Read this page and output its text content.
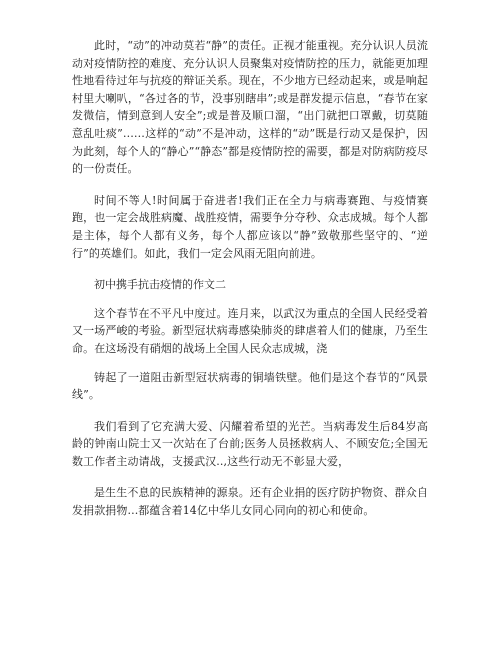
此时，“动”的冲动莫若“静”的责任。正视才能重视。充分认识人员流动对疫情防控的难度、充分认识人员聚集对疫情防控的压力，就能更加理性地看待过年与抗疫的辩证关系。现在，不少地方已经动起来，或是响起村里大喇叭，“各过各的节，没事别瞎串”;或是群发提示信息，“春节在家发微信，情到意到人安全”;或是普及顺口溜，“出门就把口罩戴，切莫随意乱吐痰”……这样的“动”不是冲动，这样的“动”既是行动又是保护，因为此刻，每个人的“静心”“静态”都是疫情防控的需要，都是对防病防疫尽的一份责任。

时间不等人!时间属于奋进者!我们正在全力与病毒赛跑、与疫情赛跑，也一定会战胜病魔、战胜疫情，需要争分夺秒、众志成城。每个人都是主体，每个人都有义务，每个人都应该以“静”致敬那些坚守的、“逆行”的英雄们。如此，我们一定会风雨无阻向前进。

初中携手抗击疫情的作文二

这个春节在不平凡中度过。连月来，以武汉为重点的全国人民经受着又一场严峻的考验。新型冠状病毒感染肺炎的肆虐着人们的健康，乃至生命。在这场没有硝烟的战场上全国人民众志成城，浇

铸起了一道阻击新型冠状病毒的铜墙铁壁。他们是这个春节的“风景线”。

我们看到了它充满大爱、闪耀着希望的光芒。当病毒发生后84岁高龄的钟南山院士又一次站在了台前;医务人员拯救病人、不顾安危;全国无数工作者主动请战，支援武汉..,这些行动无不彰显大爱，

是生生不息的民族精神的源泉。还有企业捐的医疗防护物资、群众自发捐款捐物...都蕴含着14亿中华儿女同心同向的初心和使命。
